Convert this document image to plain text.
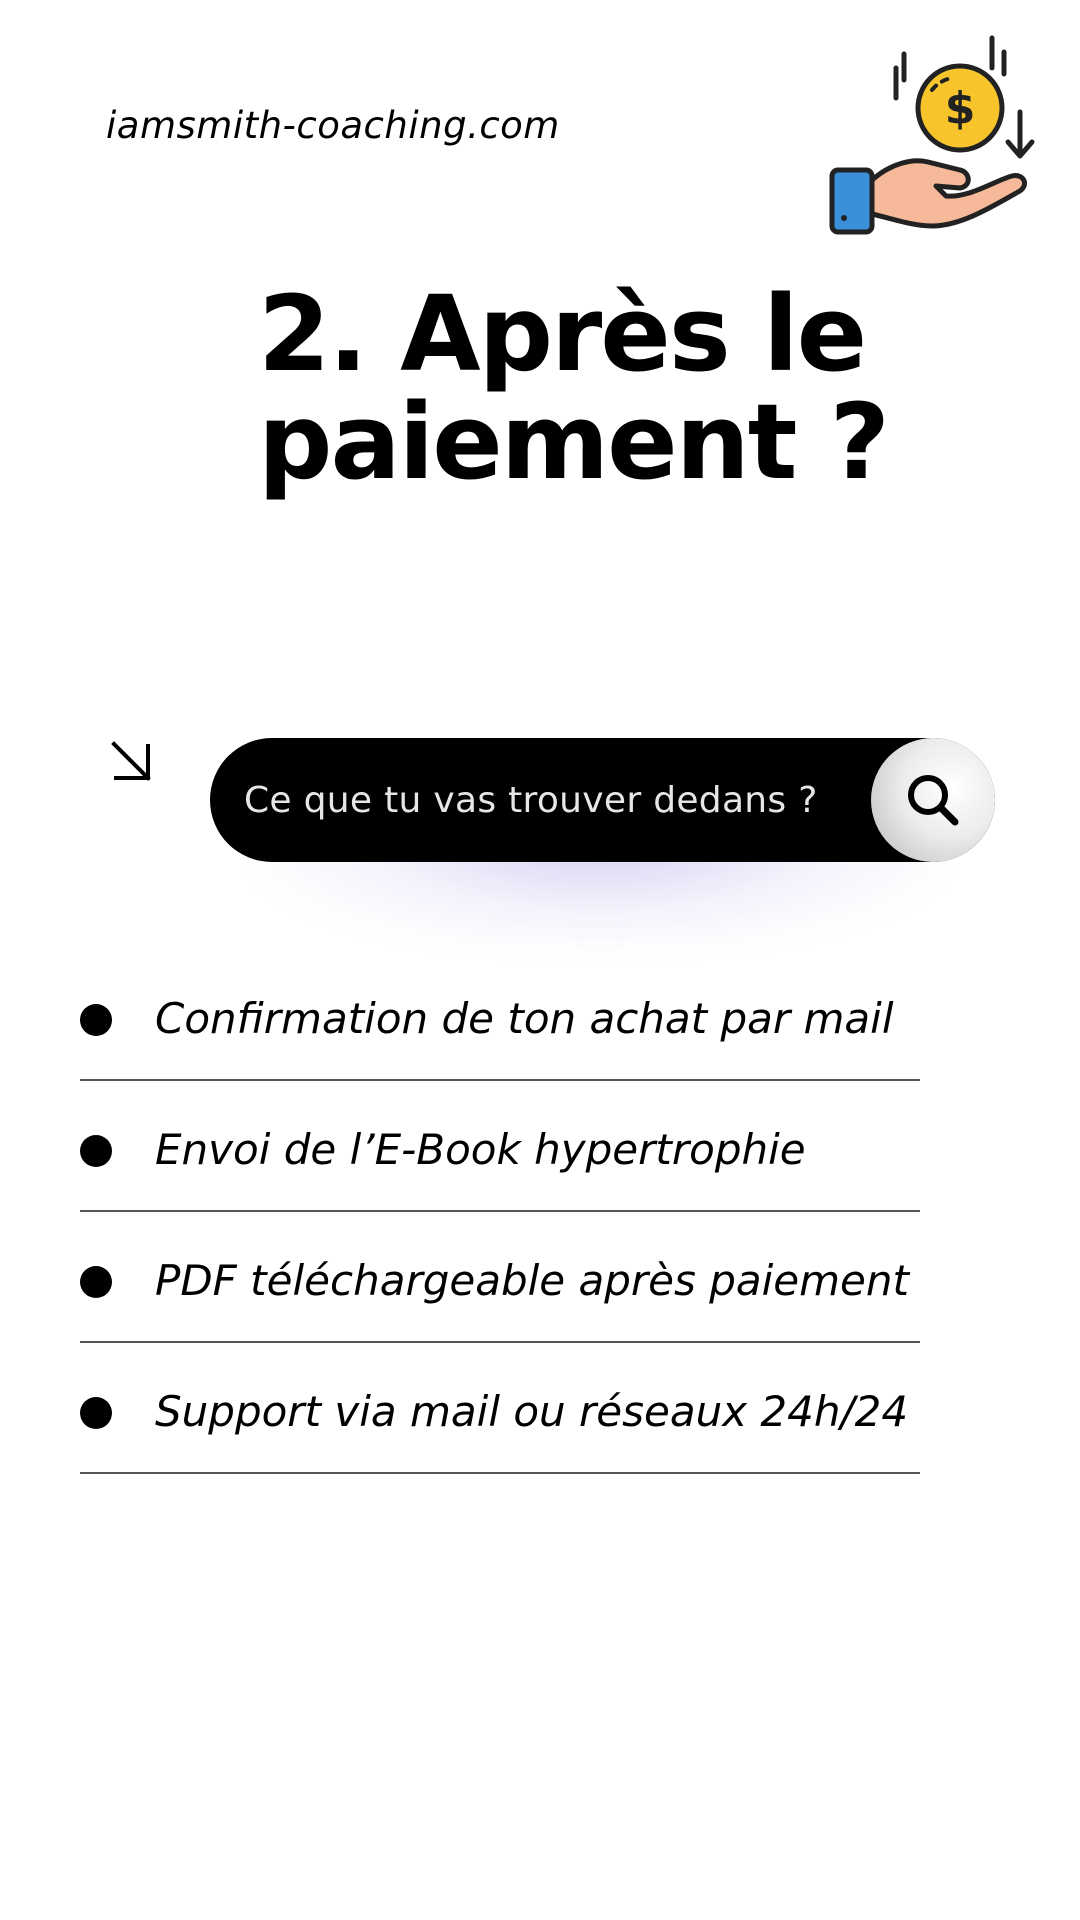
iamsmith-coaching.com	$
2. Après le
paiement ?
Ce que tu vas trouver dedans ?
Confirmation de ton achat par mail
Envoi de l’E-Book hypertrophie
PDF téléchargeable après paiement
Support via mail ou réseaux 24h/24
